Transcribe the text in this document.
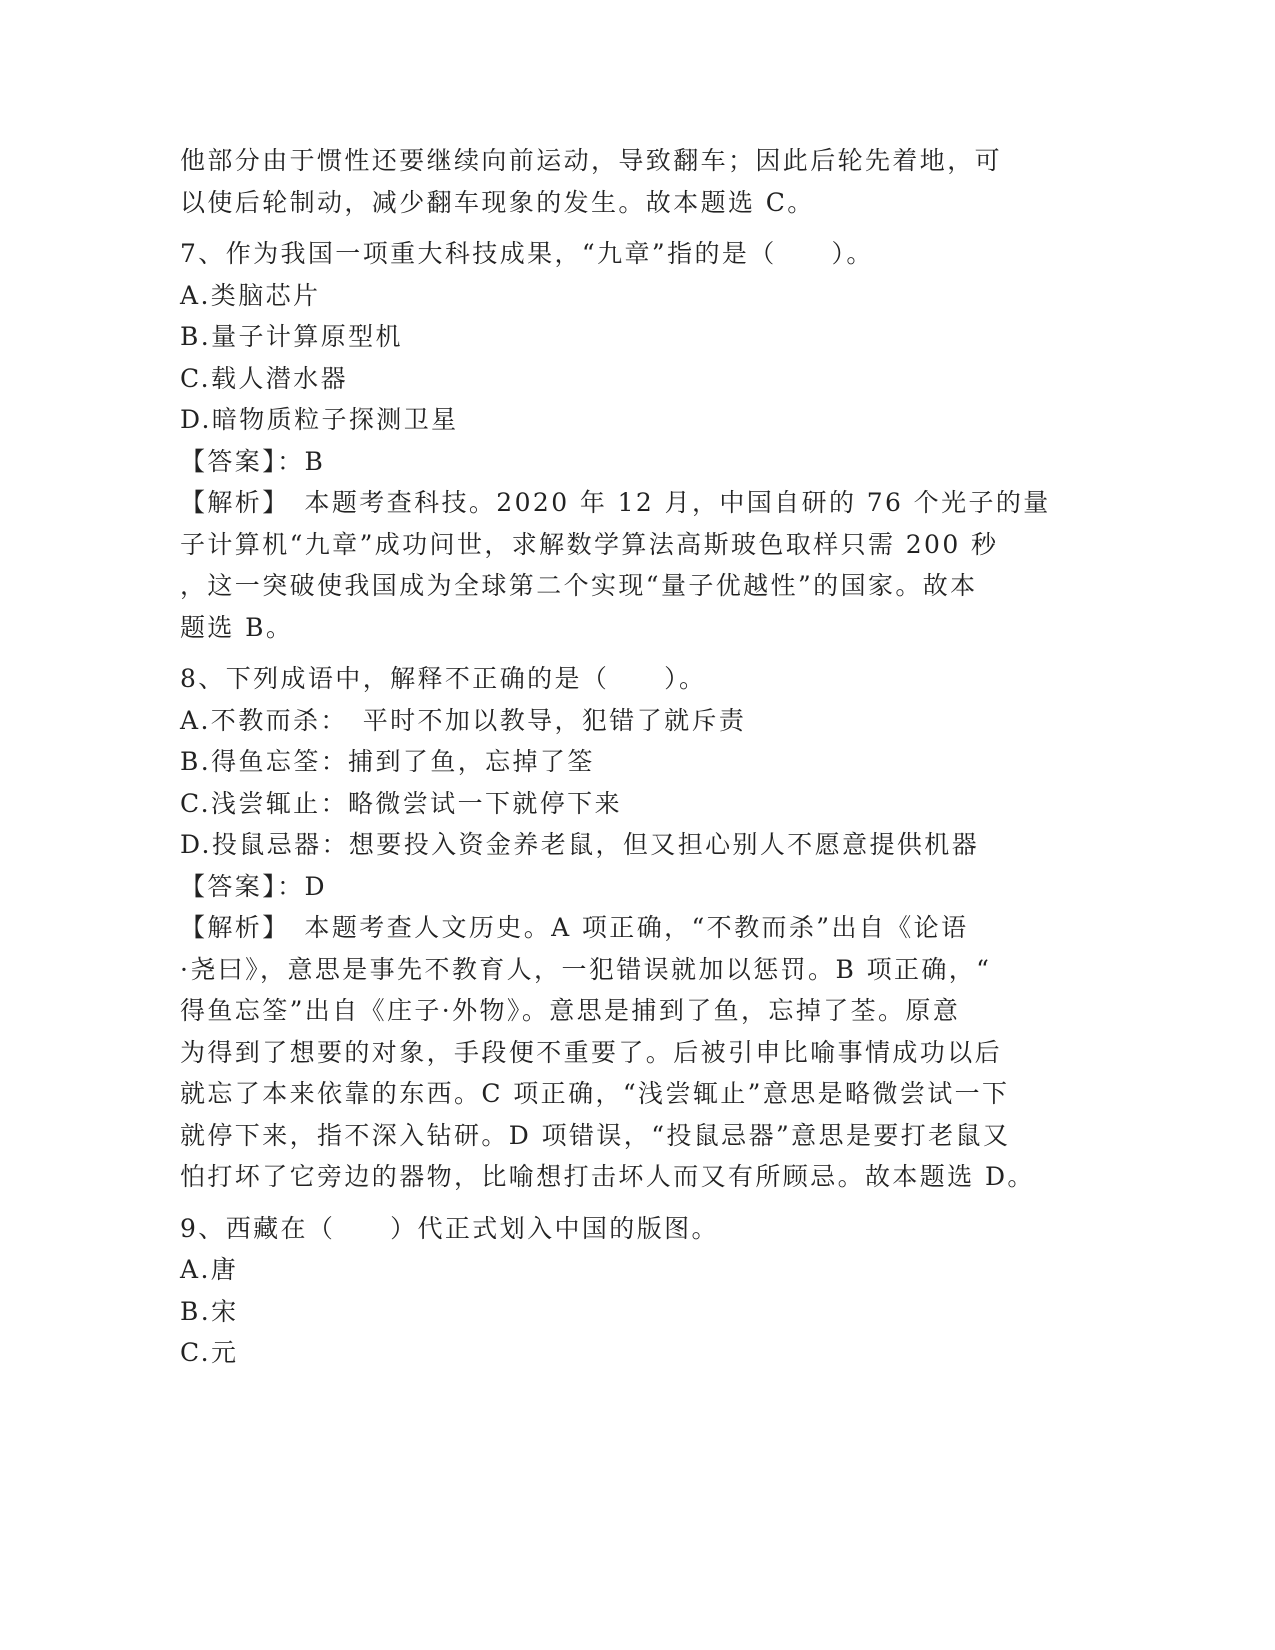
他部分由于惯性还要继续向前运动，导致翻车；因此后轮先着地，可

以使后轮制动，减少翻车现象的发生。故本题选 C。

7、作为我国一项重大科技成果，“九章”指的是（　　）。

A.类脑芯片

B.量子计算原型机

C.载人潜水器

D.暗物质粒子探测卫星

【答案】：B

【解析】　本题考查科技。2020 年 12 月，中国自研的 76 个光子的量

子计算机“九章”成功问世，求解数学算法高斯玻色取样只需 200 秒

，这一突破使我国成为全球第二个实现“量子优越性”的国家。故本

题选 B。

8、下列成语中，解释不正确的是（　　）。

A.不教而杀：　平时不加以教导，犯错了就斥责

B.得鱼忘筌：捕到了鱼，忘掉了筌

C.浅尝辄止：略微尝试一下就停下来

D.投鼠忌器：想要投入资金养老鼠，但又担心别人不愿意提供机器

【答案】：D

【解析】　本题考查人文历史。A 项正确，“不教而杀”出自《论语

·尧曰》，意思是事先不教育人，一犯错误就加以惩罚。B 项正确，“

得鱼忘筌”出自《庄子·外物》。意思是捕到了鱼，忘掉了荃。原意

为得到了想要的对象，手段便不重要了。后被引申比喻事情成功以后

就忘了本来依靠的东西。C 项正确，“浅尝辄止”意思是略微尝试一下

就停下来，指不深入钻研。D 项错误，“投鼠忌器”意思是要打老鼠又

怕打坏了它旁边的器物，比喻想打击坏人而又有所顾忌。故本题选 D。

9、西藏在（　　）代正式划入中国的版图。

A.唐

B.宋

C.元
